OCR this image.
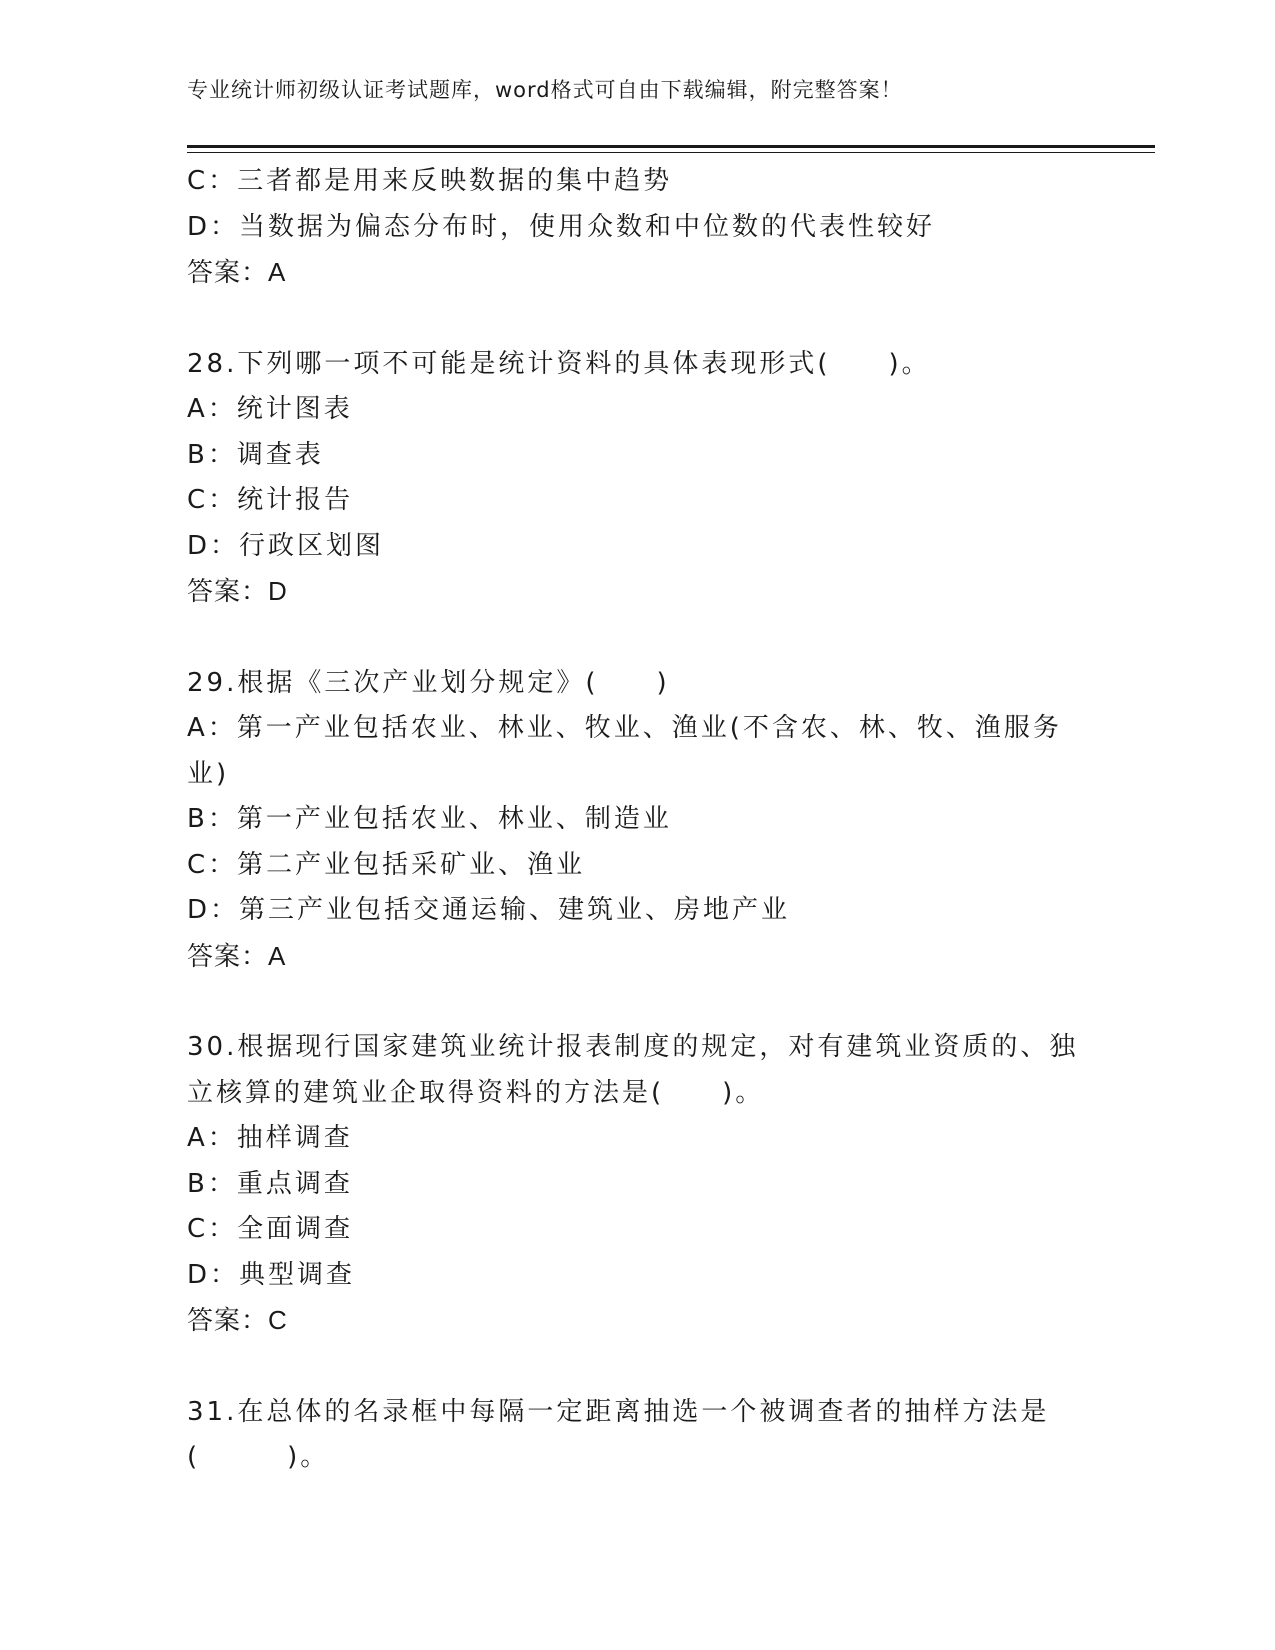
专业统计师初级认证考试题库，word格式可自由下载编辑，附完整答案！
C：三者都是用来反映数据的集中趋势
D：当数据为偏态分布时，使用众数和中位数的代表性较好
答案：A
28.下列哪一项不可能是统计资料的具体表现形式(　　)。
A：统计图表
B：调查表
C：统计报告
D：行政区划图
答案：D
29.根据《三次产业划分规定》(　　)
A：第一产业包括农业、林业、牧业、渔业(不含农、林、牧、渔服务
业)
B：第一产业包括农业、林业、制造业
C：第二产业包括采矿业、渔业
D：第三产业包括交通运输、建筑业、房地产业
答案：A
30.根据现行国家建筑业统计报表制度的规定，对有建筑业资质的、独
立核算的建筑业企取得资料的方法是(　　)。
A：抽样调查
B：重点调查
C：全面调查
D：典型调查
答案：C
31.在总体的名录框中每隔一定距离抽选一个被调查者的抽样方法是
(　　　)。
